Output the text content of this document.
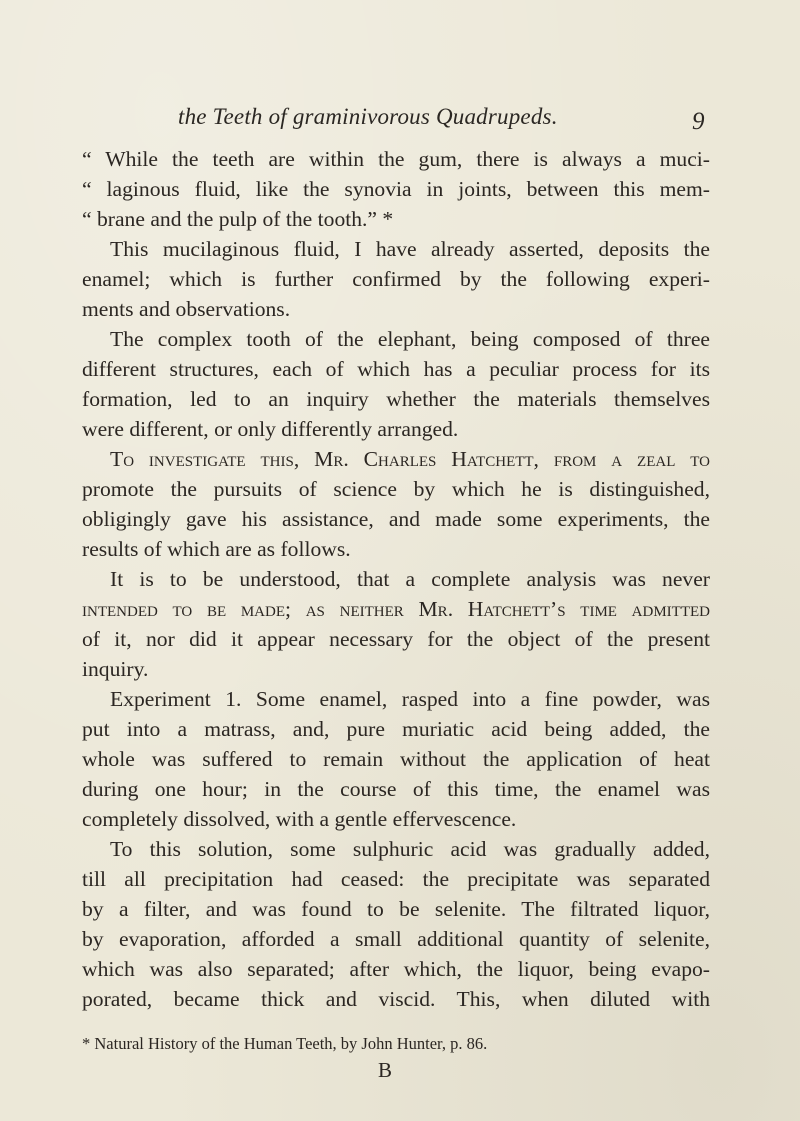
the Teeth of graminivorous Quadrupeds.	9
“ While the teeth are within the gum, there is always a muci-
“ laginous fluid, like the synovia in joints, between this mem-
“ brane and the pulp of the tooth.” *
This mucilaginous fluid, I have already asserted, deposits the
enamel; which is further confirmed by the following experi-
ments and observations.
The complex tooth of the elephant, being composed of three
different structures, each of which has a peculiar process for its
formation, led to an inquiry whether the materials themselves
were different, or only differently arranged.
To investigate this, Mr. Charles Hatchett, from a zeal to
promote the pursuits of science by which he is distinguished,
obligingly gave his assistance, and made some experiments, the
results of which are as follows.
It is to be understood, that a complete analysis was never
intended to be made; as neither Mr. Hatchett’s time admitted
of it, nor did it appear necessary for the object of the present
inquiry.
Experiment 1. Some enamel, rasped into a fine powder, was
put into a matrass, and, pure muriatic acid being added, the
whole was suffered to remain without the application of heat
during one hour; in the course of this time, the enamel was
completely dissolved, with a gentle effervescence.
To this solution, some sulphuric acid was gradually added,
till all precipitation had ceased: the precipitate was separated
by a filter, and was found to be selenite. The filtrated liquor,
by evaporation, afforded a small additional quantity of selenite,
which was also separated; after which, the liquor, being evapo-
porated, became thick and viscid. This, when diluted with
* Natural History of the Human Teeth, by John Hunter, p. 86.
B
